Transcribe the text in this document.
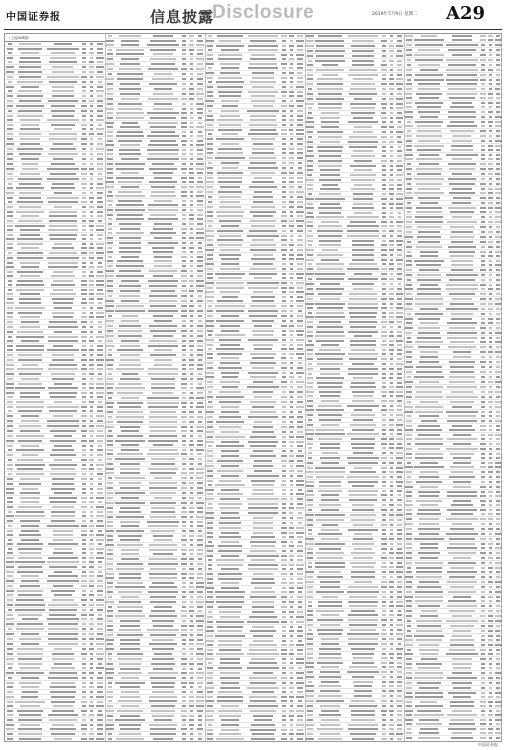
中国证券报	信息披露
Disclosure	2019年7月9日 星期二 A29
（上接A28版）
中国证券报
